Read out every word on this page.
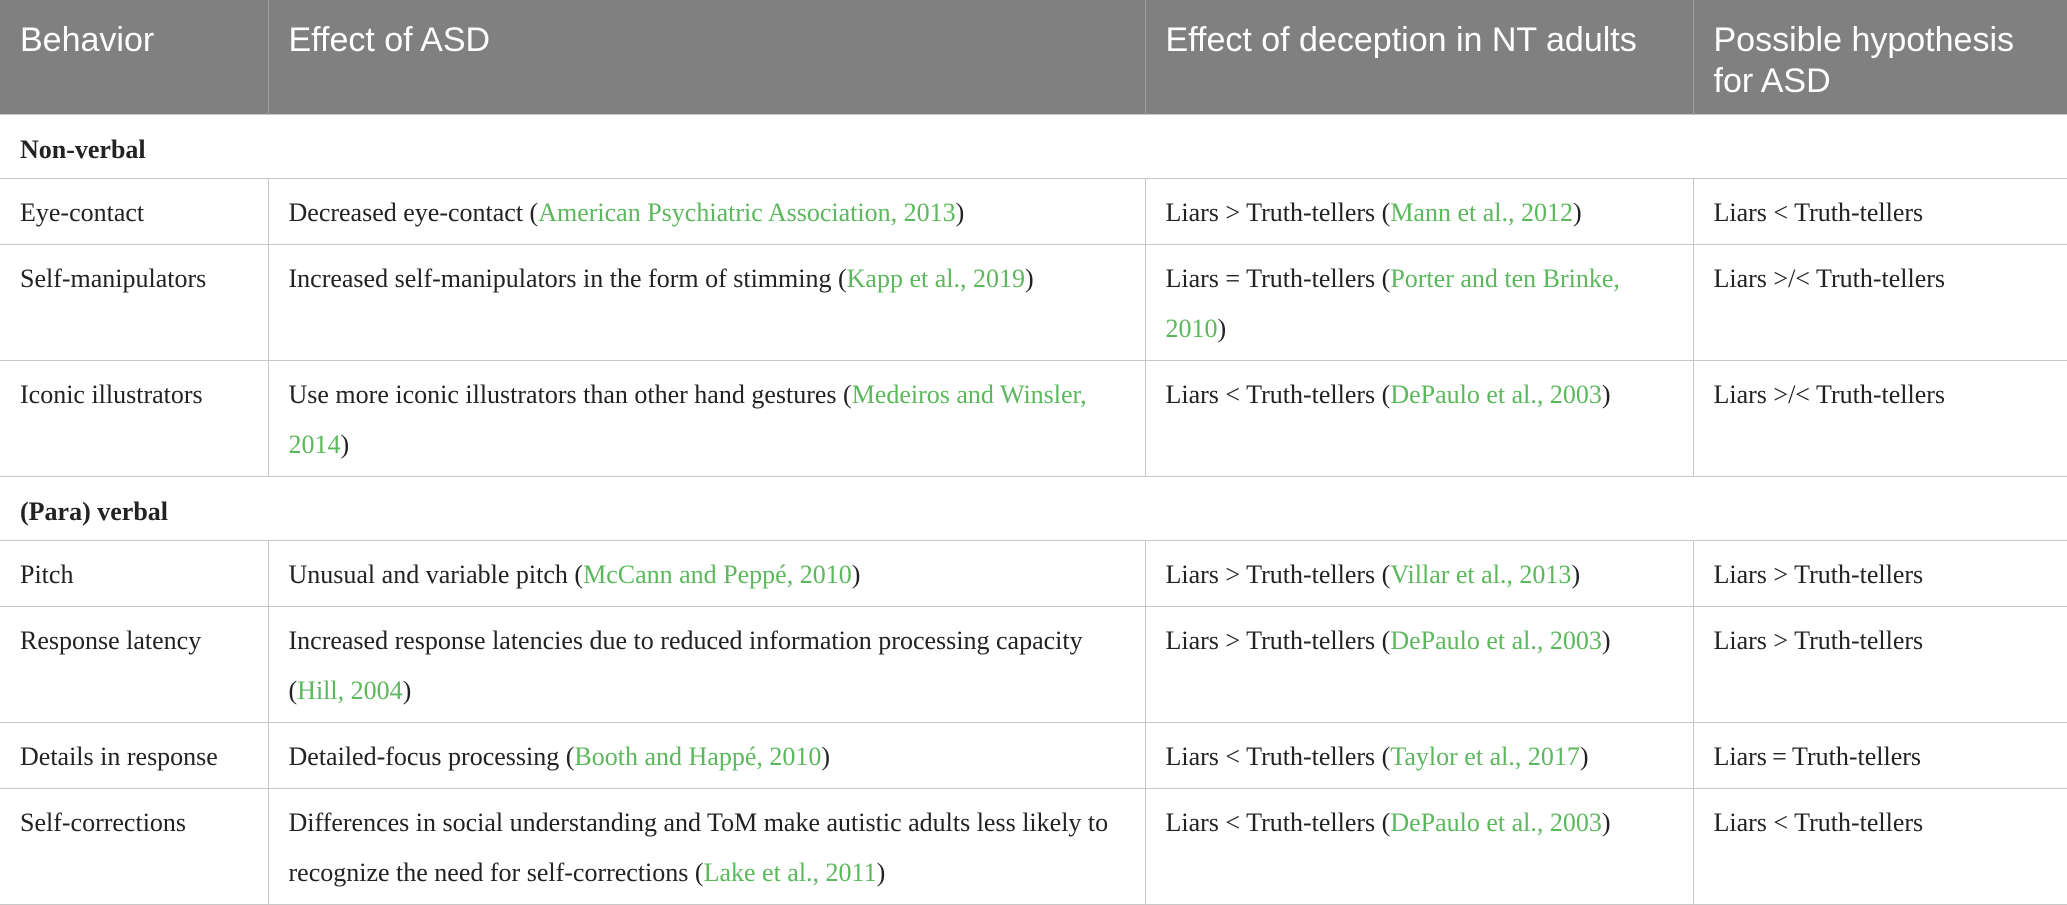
Behavior	Effect of ASD	Effect of deception in NT adults	Possible hypothesis for ASD
Non-verbal			
Eye-contact	Decreased eye-contact (American Psychiatric Association, 2013)	Liars > Truth-tellers (Mann et al., 2012)	Liars < Truth-tellers
Self-manipulators	Increased self-manipulators in the form of stimming (Kapp et al., 2019)	Liars = Truth-tellers (Porter and ten Brinke, 2010)	Liars >/< Truth-tellers
Iconic illustrators	Use more iconic illustrators than other hand gestures (Medeiros and Winsler, 2014)	Liars < Truth-tellers (DePaulo et al., 2003)	Liars >/< Truth-tellers
(Para) verbal			
Pitch	Unusual and variable pitch (McCann and Peppé, 2010)	Liars > Truth-tellers (Villar et al., 2013)	Liars > Truth-tellers
Response latency	Increased response latencies due to reduced information processing capacity (Hill, 2004)	Liars > Truth-tellers (DePaulo et al., 2003)	Liars > Truth-tellers
Details in response	Detailed-focus processing (Booth and Happé, 2010)	Liars < Truth-tellers (Taylor et al., 2017)	Liars = Truth-tellers
Self-corrections	Differences in social understanding and ToM make autistic adults less likely to recognize the need for self-corrections (Lake et al., 2011)	Liars < Truth-tellers (DePaulo et al., 2003)	Liars < Truth-tellers
